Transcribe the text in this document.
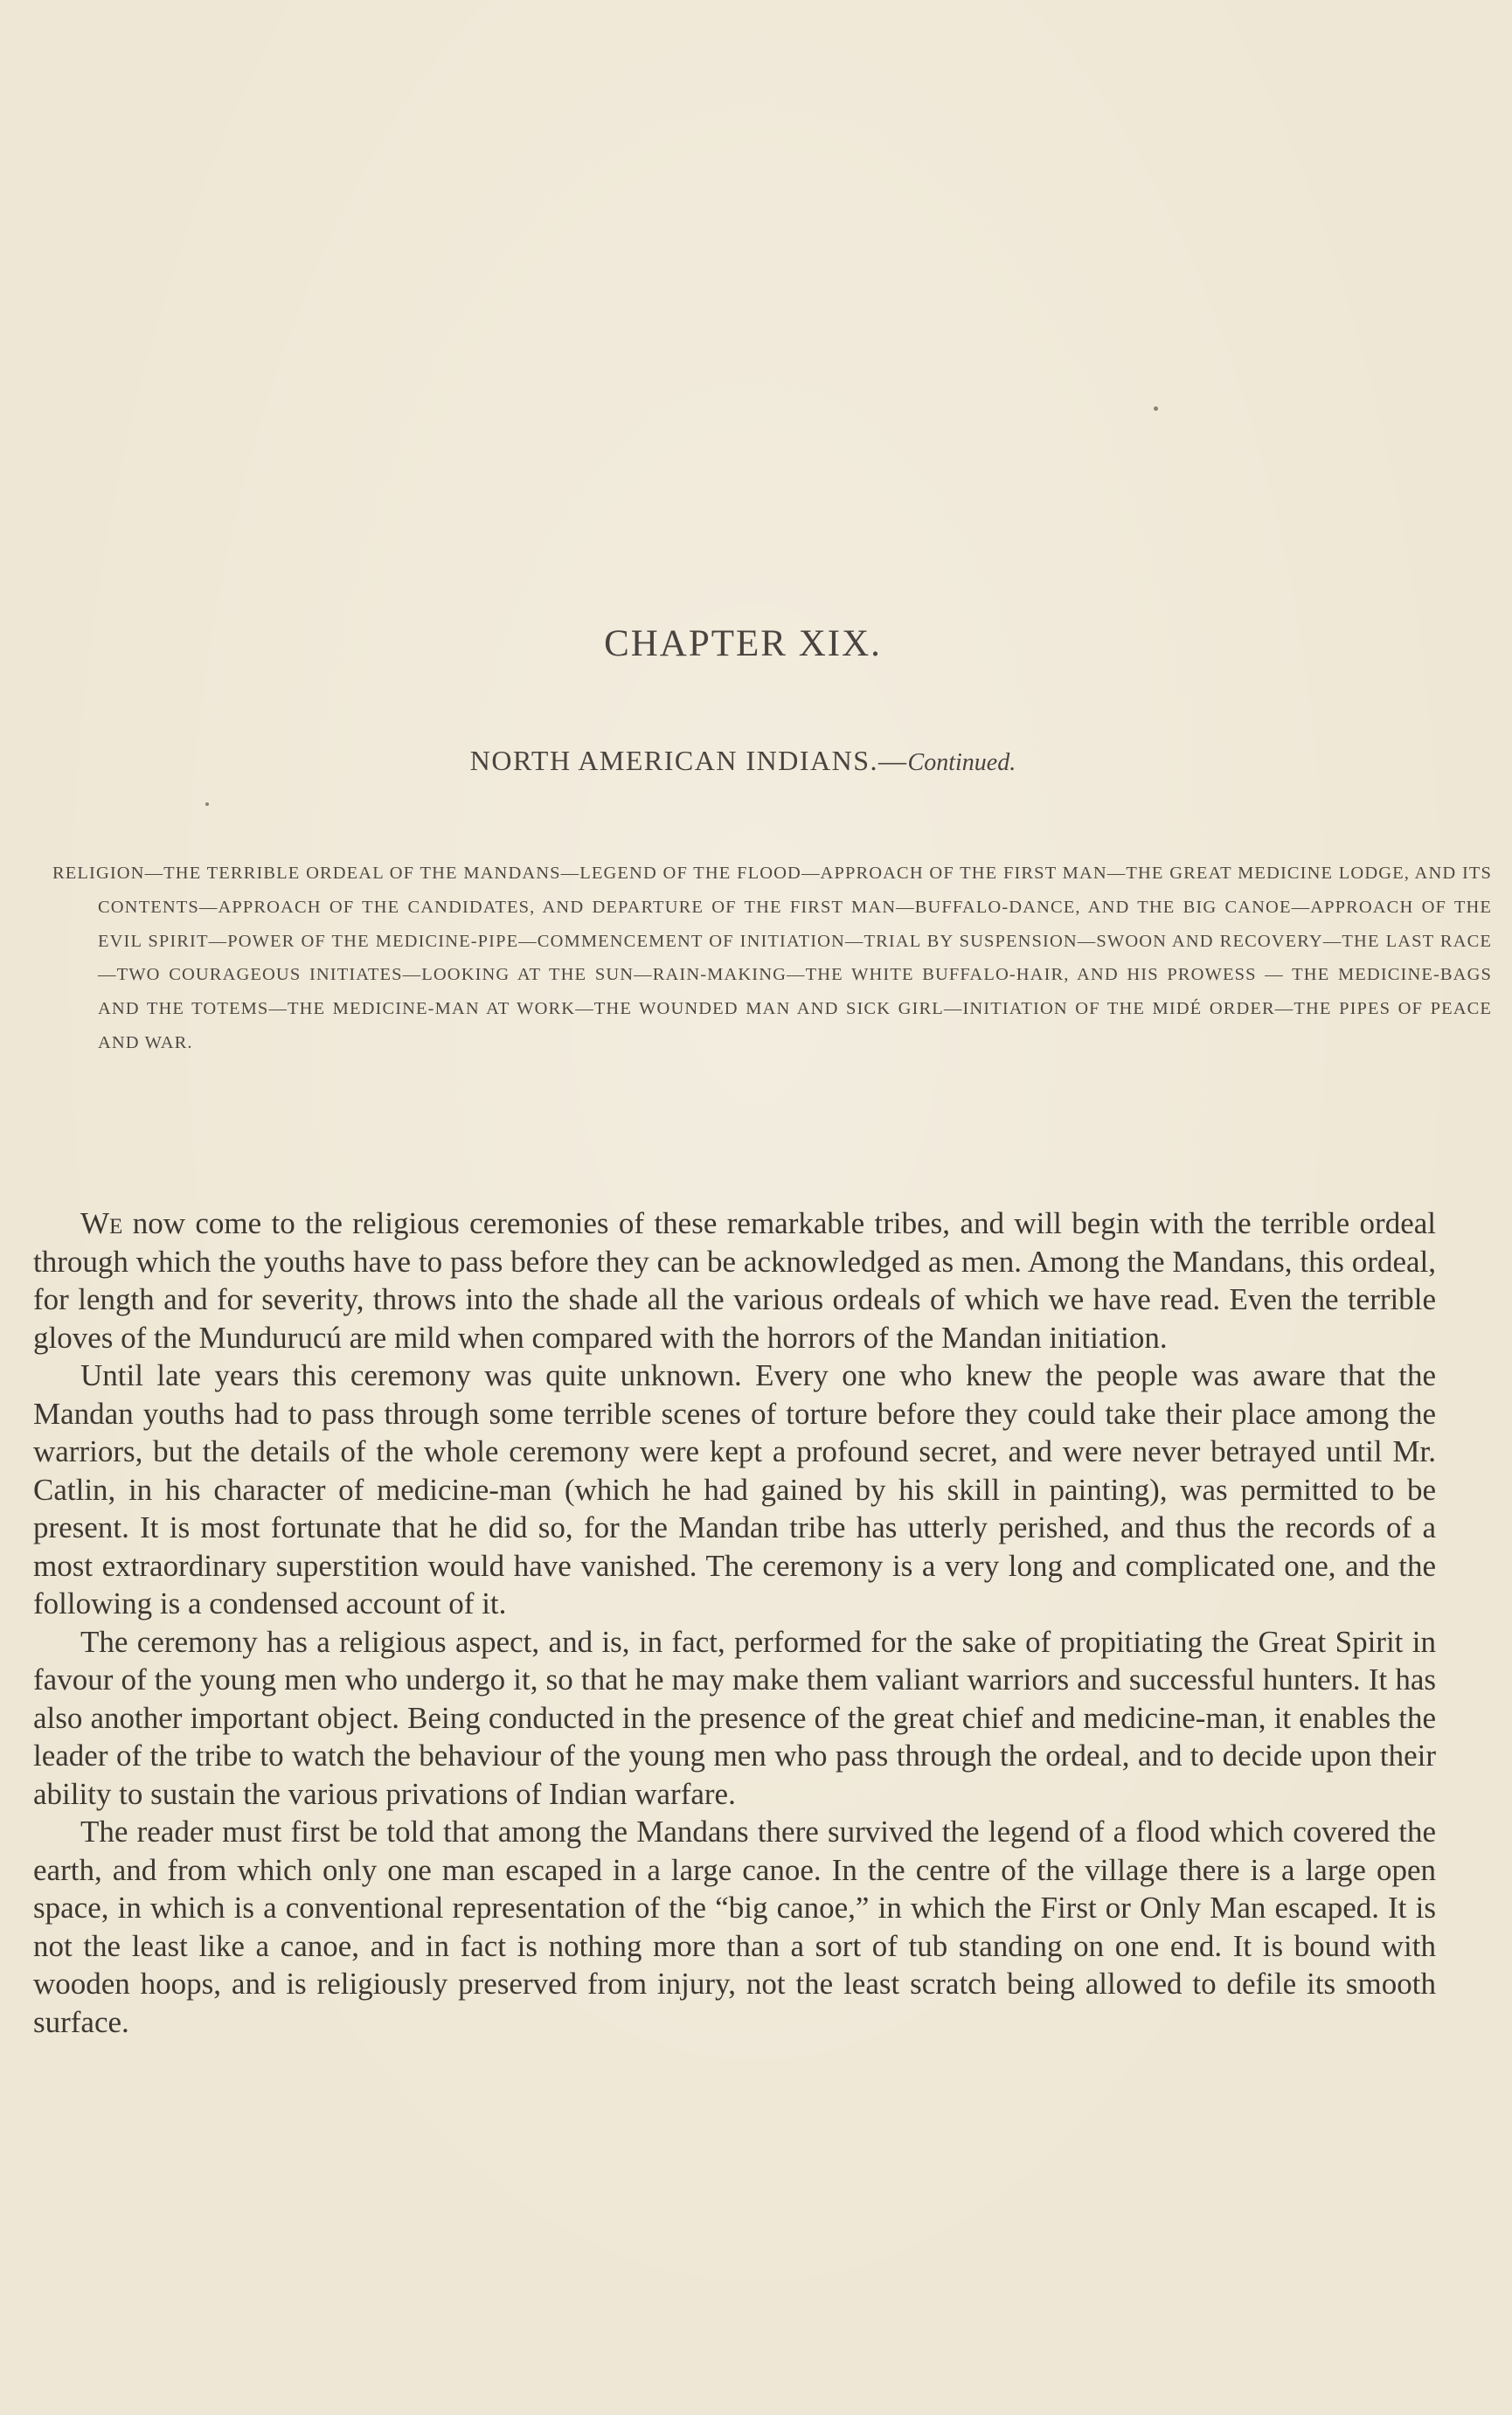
CHAPTER XIX.
NORTH AMERICAN INDIANS.—Continued.
RELIGION—THE TERRIBLE ORDEAL OF THE MANDANS—LEGEND OF THE FLOOD—APPROACH OF THE FIRST MAN—THE GREAT MEDICINE LODGE, AND ITS CONTENTS—APPROACH OF THE CANDIDATES, AND DEPARTURE OF THE FIRST MAN—BUFFALO-DANCE, AND THE BIG CANOE—APPROACH OF THE EVIL SPIRIT—POWER OF THE MEDICINE-PIPE—COMMENCEMENT OF INITIATION—TRIAL BY SUSPENSION—SWOON AND RECOVERY—THE LAST RACE—TWO COURAGEOUS INITIATES—LOOKING AT THE SUN—RAIN-MAKING—THE WHITE BUFFALO-HAIR, AND HIS PROWESS — THE MEDICINE-BAGS AND THE TOTEMS—THE MEDICINE-MAN AT WORK—THE WOUNDED MAN AND SICK GIRL—INITIATION OF THE MIDÉ ORDER—THE PIPES OF PEACE AND WAR.

We now come to the religious ceremonies of these remarkable tribes, and will begin with the terrible ordeal through which the youths have to pass before they can be acknowledged as men. Among the Mandans, this ordeal, for length and for severity, throws into the shade all the various ordeals of which we have read. Even the terrible gloves of the Mundurucú are mild when compared with the horrors of the Mandan initiation.

Until late years this ceremony was quite unknown. Every one who knew the people was aware that the Mandan youths had to pass through some terrible scenes of torture before they could take their place among the warriors, but the details of the whole ceremony were kept a profound secret, and were never betrayed until Mr. Catlin, in his character of medicine-man (which he had gained by his skill in painting), was permitted to be present. It is most fortunate that he did so, for the Mandan tribe has utterly perished, and thus the records of a most extraordinary superstition would have vanished. The ceremony is a very long and complicated one, and the following is a condensed account of it.

The ceremony has a religious aspect, and is, in fact, performed for the sake of propitiating the Great Spirit in favour of the young men who undergo it, so that he may make them valiant warriors and successful hunters. It has also another important object. Being conducted in the presence of the great chief and medicine-man, it enables the leader of the tribe to watch the behaviour of the young men who pass through the ordeal, and to decide upon their ability to sustain the various privations of Indian warfare.

The reader must first be told that among the Mandans there survived the legend of a flood which covered the earth, and from which only one man escaped in a large canoe. In the centre of the village there is a large open space, in which is a conventional representation of the “big canoe,” in which the First or Only Man escaped. It is not the least like a canoe, and in fact is nothing more than a sort of tub standing on one end. It is bound with wooden hoops, and is religiously preserved from injury, not the least scratch being allowed to defile its smooth surface.
